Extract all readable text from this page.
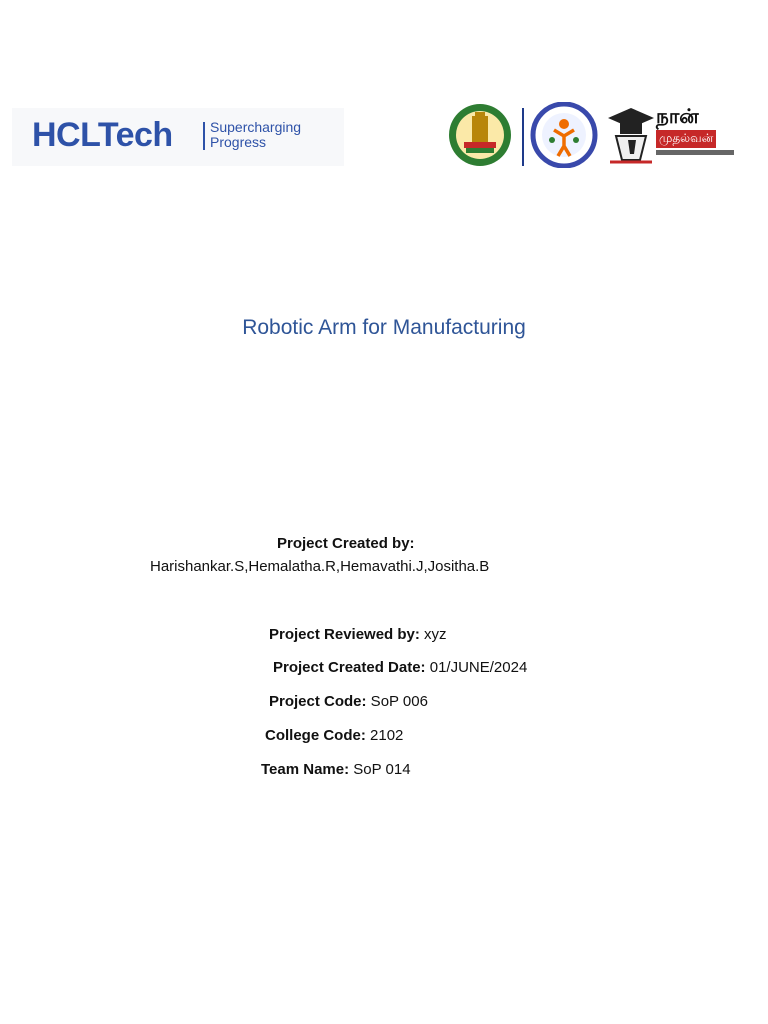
HCLTech	Supercharging
Progress
நான்
முதல்வன்
Robotic Arm for Manufacturing
Project Created by:
Harishankar.S,Hemalatha.R,Hemavathi.J,Jositha.B
Project Reviewed by: xyz
Project Created Date: 01/JUNE/2024
Project Code: SoP 006
College Code: 2102
Team Name: SoP 014
